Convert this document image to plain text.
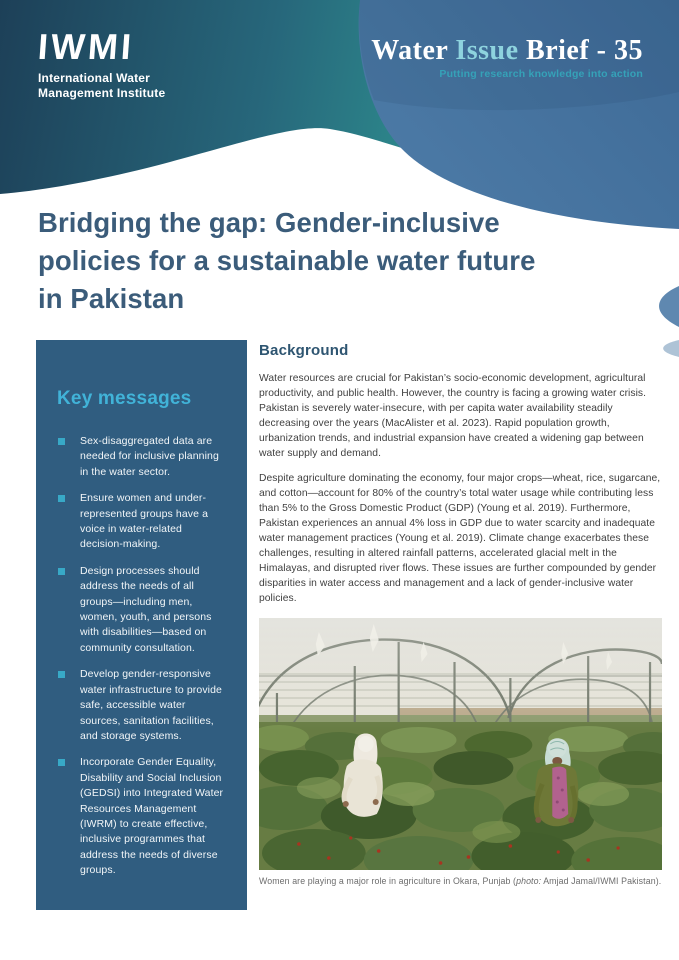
IWMI
International Water
Management Institute
Water Issue Brief - 35
Putting research knowledge into action
Bridging the gap: Gender-inclusive
policies for a sustainable water future
in Pakistan
Key messages
Sex-disaggregated data are needed for inclusive planning in the water sector.
Ensure women and under-represented groups have a voice in water-related decision-making.
Design processes should address the needs of all groups—including men, women, youth, and persons with disabilities—based on community consultation.
Develop gender-responsive water infrastructure to provide safe, accessible water sources, sanitation facilities, and storage systems.
Incorporate Gender Equality, Disability and Social Inclusion (GEDSI) into Integrated Water Resources Management (IWRM) to create effective, inclusive programmes that address the needs of diverse groups.
Background

Water resources are crucial for Pakistan’s socio-economic development, agricultural productivity, and public health. However, the country is facing a growing water crisis. Pakistan is severely water-insecure, with per capita water availability steadily decreasing over the years (MacAlister et al. 2023). Rapid population growth, urbanization trends, and industrial expansion have created a widening gap between water supply and demand.

Despite agriculture dominating the economy, four major crops—wheat, rice, sugarcane, and cotton—account for 80% of the country’s total water usage while contributing less than 5% to the Gross Domestic Product (GDP) (Young et al. 2019). Furthermore, Pakistan experiences an annual 4% loss in GDP due to water scarcity and inadequate water management practices (Young et al. 2019). Climate change exacerbates these challenges, resulting in altered rainfall patterns, accelerated glacial melt in the Himalayas, and disrupted river flows. These issues are further compounded by gender disparities in water access and management and a lack of gender-inclusive water policies.

Women are playing a major role in agriculture in Okara, Punjab (photo: Amjad Jamal/IWMI Pakistan).
